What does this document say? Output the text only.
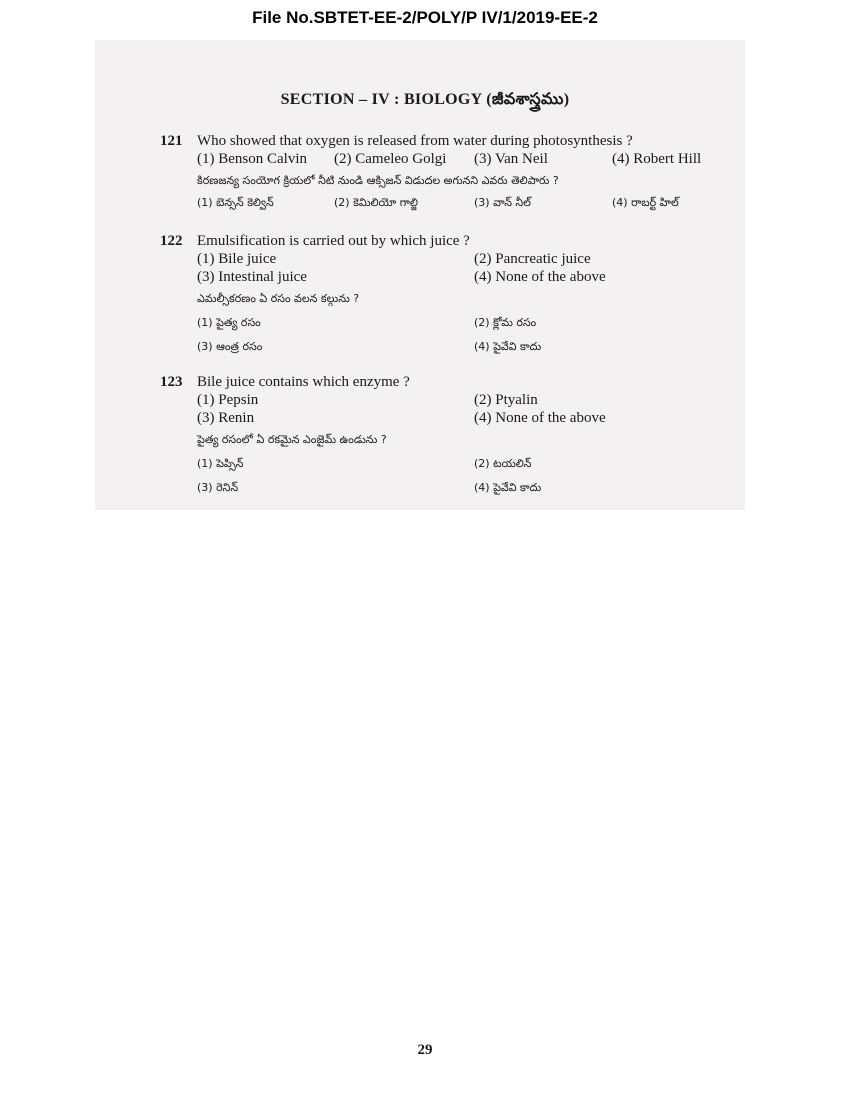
File No.SBTET-EE-2/POLY/P IV/1/2019-EE-2
SECTION – IV : BIOLOGY (జీవశాస్త్రము)
121 Who showed that oxygen is released from water during photosynthesis ?
(1) Benson Calvin (2) Cameleo Golgi (3) Van Neil	(4) Robert Hill
కిరణజన్య సంయోగ క్రియలో నీటి నుండి ఆక్సిజన్ విడుదల అగునని ఎవరు తెలిపారు ?
(1) బెన్సన్ కెల్విన్	(2) కెమిలియో గాల్జి	(3) వాన్ నీల్	(4) రాబర్ట్ హిల్
122 Emulsification is carried out by which juice ?
(1) Bile juice	(2) Pancreatic juice
(3) Intestinal juice	(4) None of the above
ఎమల్సీకరణం ఏ రసం వలన కల్గును ?
(1) పైత్య రసం	(2) క్లోమ రసం
(3) ఆంత్ర రసం	(4) పైవేవి కాదు
123 Bile juice contains which enzyme ?
(1) Pepsin	(2) Ptyalin
(3) Renin	(4) None of the above
పైత్య రసంలో ఏ రకమైన ఎంజైమ్ ఉండును ?
(1) పెప్సిన్	(2) టయలిన్
(3) రెనిన్	(4) పైవేవి కాదు
29
